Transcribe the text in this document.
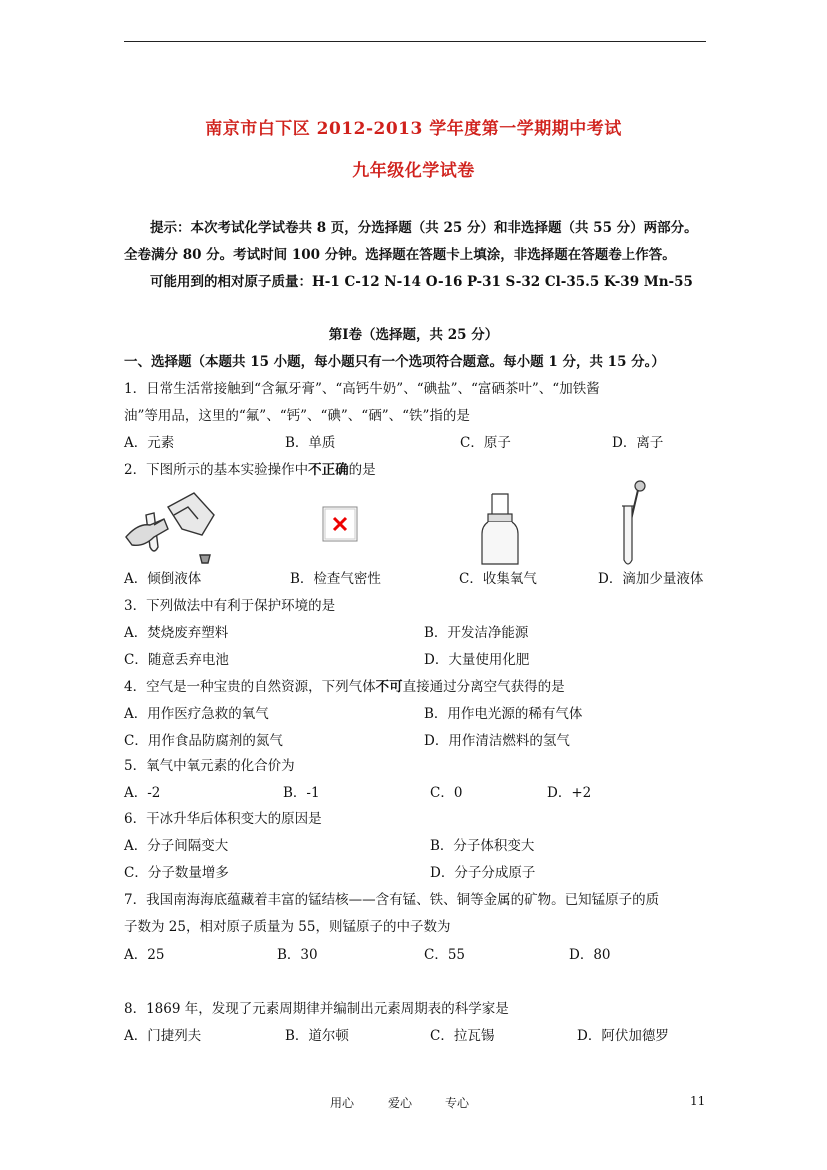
南京市白下区 2012-2013 学年度第一学期期中考试
九年级化学试卷
提示：本次考试化学试卷共 8 页，分选择题（共 25 分）和非选择题（共 55 分）两部分。
全卷满分 80 分。考试时间 100 分钟。选择题在答题卡上填涂，非选择题在答题卷上作答。
可能用到的相对原子质量：H-1 C-12 N-14 O-16 P-31 S-32 Cl-35.5 K-39 Mn-55
第Ⅰ卷（选择题，共 25 分）
一、选择题（本题共 15 小题，每小题只有一个选项符合题意。每小题 1 分，共 15 分。）
1．日常生活常接触到“含氟牙膏”、“高钙牛奶”、“碘盐”、“富硒茶叶”、“加铁酱
油”等用品，这里的“氟”、“钙”、“碘”、“硒”、“铁”指的是
A．元素	B．单质	C．原子	D．离子
2．下图所示的基本实验操作中不正确的是
A．倾倒液体	B．检查气密性	C．收集氧气	D．滴加少量液体
3．下列做法中有利于保护环境的是
A．焚烧废弃塑料	B．开发洁净能源
C．随意丢弃电池	D．大量使用化肥
4．空气是一种宝贵的自然资源，下列气体不可直接通过分离空气获得的是
A．用作医疗急救的氧气	B．用作电光源的稀有气体
C．用作食品防腐剂的氮气	D．用作清洁燃料的氢气
5．氧气中氧元素的化合价为
A．-2	B．-1	C．0	D．+2
6．干冰升华后体积变大的原因是
A．分子间隔变大	B．分子体积变大
C．分子数量增多	D．分子分成原子
7．我国南海海底蕴藏着丰富的锰结核——含有锰、铁、铜等金属的矿物。已知锰原子的质
子数为 25，相对原子质量为 55，则锰原子的中子数为
A．25	B．30	C．55	D．80
8．1869 年，发现了元素周期律并编制出元素周期表的科学家是
A．门捷列夫	B．道尔顿	C．拉瓦锡	D．阿伏加德罗
用心	爱心	专心	11
